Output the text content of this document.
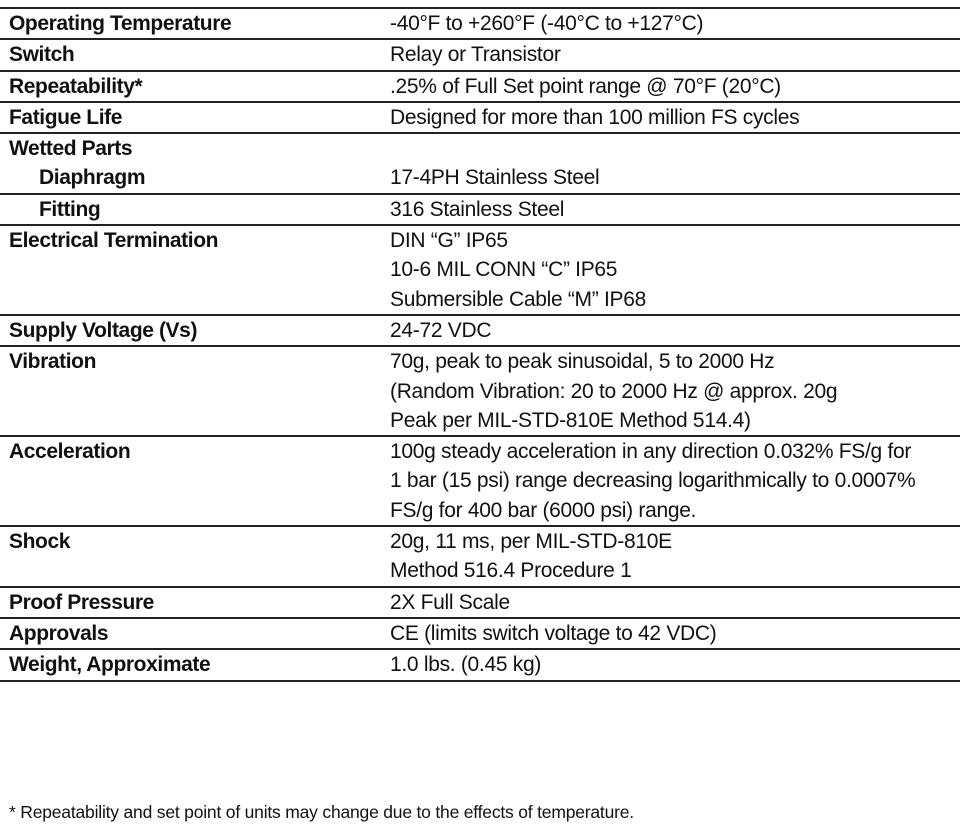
Operating Temperature	-40°F to +260°F (-40°C to +127°C)

Switch	Relay or Transistor

Repeatability*	.25% of Full Set point range @ 70°F (20°C)

Fatigue Life	Designed for more than 100 million FS cycles

Wetted Parts	

Diaphragm	17-4PH Stainless Steel

Fitting	316 Stainless Steel

Electrical Termination	DIN “G” IP65
10-6 MIL CONN “C” IP65
Submersible Cable “M” IP68

Supply Voltage (Vs)	24-72 VDC

Vibration	70g, peak to peak sinusoidal, 5 to 2000 Hz
(Random Vibration: 20 to 2000 Hz @ approx. 20g
Peak per MIL-STD-810E Method 514.4)

Acceleration	100g steady acceleration in any direction 0.032% FS/g for
1 bar (15 psi) range decreasing logarithmically to 0.0007%
FS/g for 400 bar (6000 psi) range.

Shock	20g, 11 ms, per MIL-STD-810E
Method 516.4 Procedure 1

Proof Pressure	2X Full Scale

Approvals	CE (limits switch voltage to 42 VDC)

Weight, Approximate	1.0 lbs. (0.45 kg)
* Repeatability and set point of units may change due to the effects of temperature.
